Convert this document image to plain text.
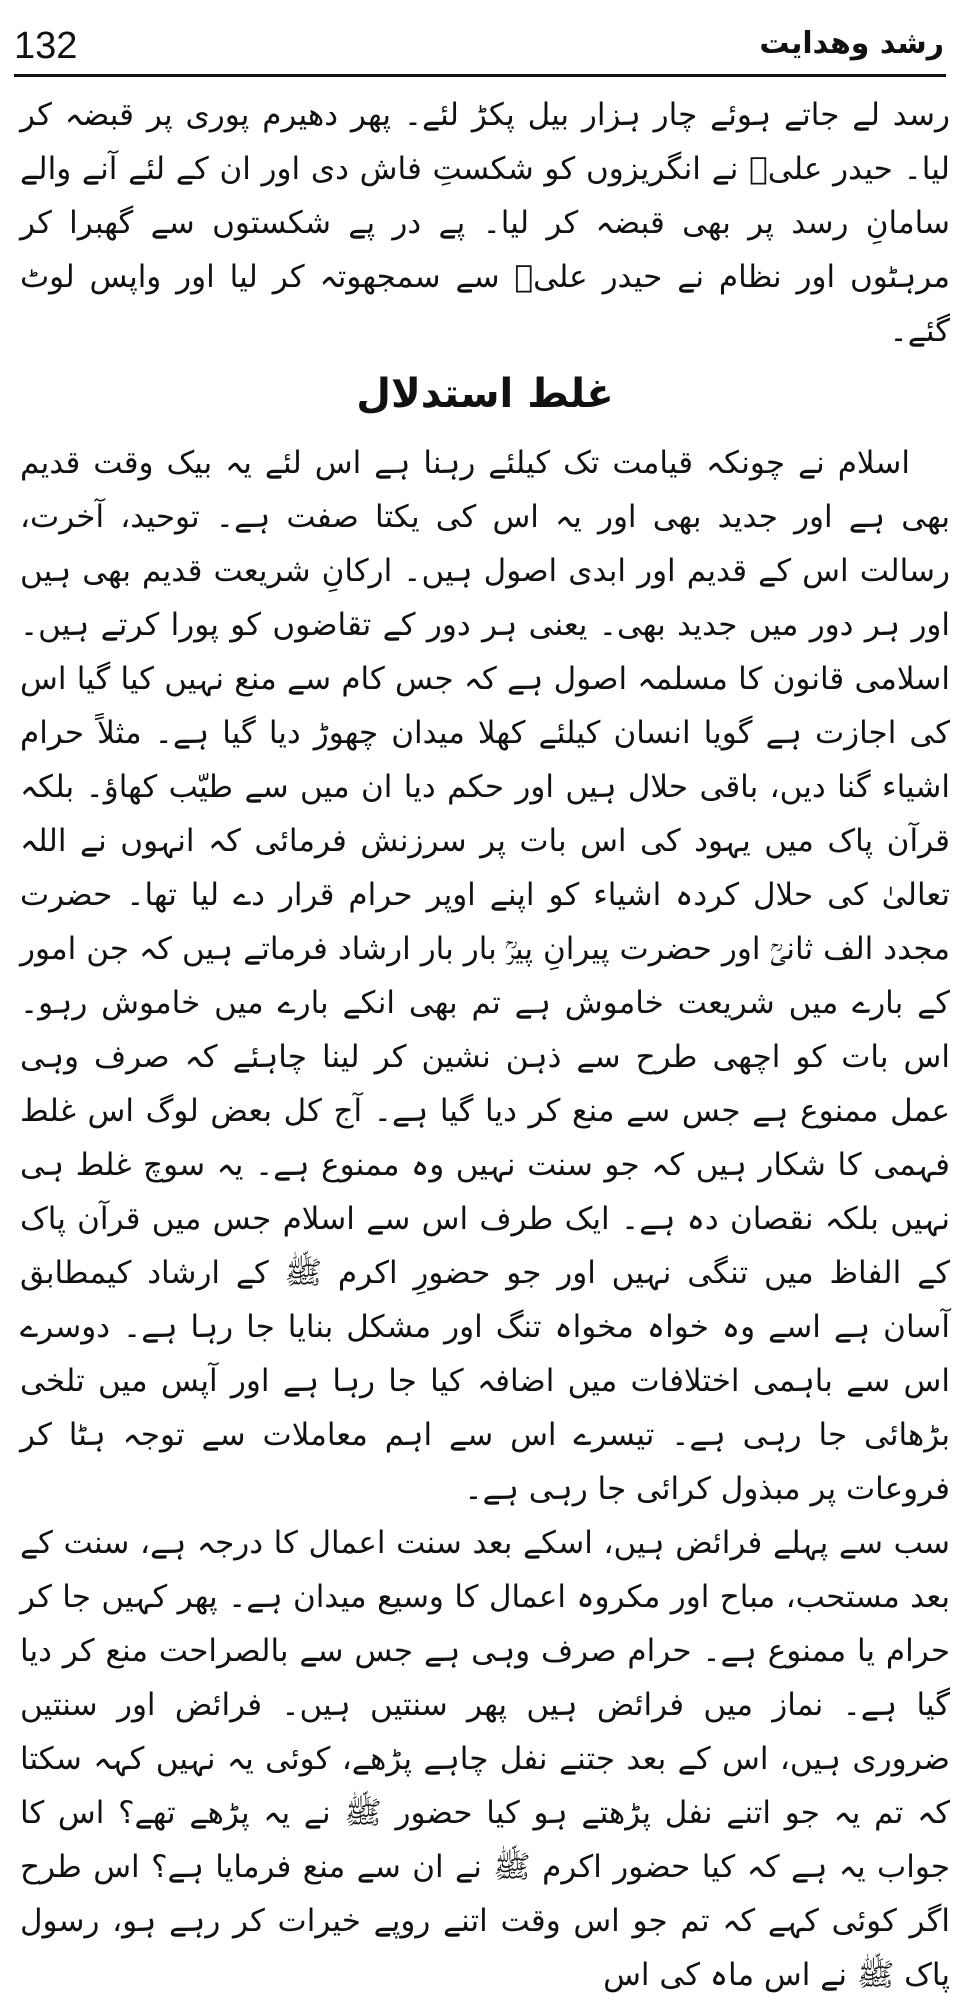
132	رشد وھدایت

رسد لے جاتے ہوئے چار ہزار بیل پکڑ لئے۔ پھر دھیرم پوری پر قبضہ کر لیا۔ حیدر علیؒ نے انگریزوں کو شکستِ فاش دی اور ان کے لئے آنے والے سامانِ رسد پر بھی قبضہ کر لیا۔ پے در پے شکستوں سے گھبرا کر مرہٹوں اور نظام نے حیدر علیؒ سے سمجھوتہ کر لیا اور واپس لوٹ گئے۔

غلط استدلال

اسلام نے چونکہ قیامت تک کیلئے رہنا ہے اس لئے یہ بیک وقت قدیم بھی ہے اور جدید بھی اور یہ اس کی یکتا صفت ہے۔ توحید، آخرت، رسالت اس کے قدیم اور ابدی اصول ہیں۔ ارکانِ شریعت قدیم بھی ہیں اور ہر دور میں جدید بھی۔ یعنی ہر دور کے تقاضوں کو پورا کرتے ہیں۔ اسلامی قانون کا مسلمہ اصول ہے کہ جس کام سے منع نہیں کیا گیا اس کی اجازت ہے گویا انسان کیلئے کھلا میدان چھوڑ دیا گیا ہے۔ مثلاً حرام اشیاء گنا دیں، باقی حلال ہیں اور حکم دیا ان میں سے طیّب کھاؤ۔ بلکہ قرآن پاک میں یہود کی اس بات پر سرزنش فرمائی کہ انہوں نے اللہ تعالیٰ کی حلال کردہ اشیاء کو اپنے اوپر حرام قرار دے لیا تھا۔ حضرت مجدد الف ثانیؒ اور حضرت پیرانِ پیرؒ بار بار ارشاد فرماتے ہیں کہ جن امور کے بارے میں شریعت خاموش ہے تم بھی انکے بارے میں خاموش رہو۔ اس بات کو اچھی طرح سے ذہن نشین کر لینا چاہئے کہ صرف وہی عمل ممنوع ہے جس سے منع کر دیا گیا ہے۔ آج کل بعض لوگ اس غلط فہمی کا شکار ہیں کہ جو سنت نہیں وہ ممنوع ہے۔ یہ سوچ غلط ہی نہیں بلکہ نقصان دہ ہے۔ ایک طرف اس سے اسلام جس میں قرآن پاک کے الفاظ میں تنگی نہیں اور جو حضورِ اکرم ﷺ کے ارشاد کیمطابق آسان ہے اسے وہ خواہ مخواہ تنگ اور مشکل بنایا جا رہا ہے۔ دوسرے اس سے باہمی اختلافات میں اضافہ کیا جا رہا ہے اور آپس میں تلخی بڑھائی جا رہی ہے۔ تیسرے اس سے اہم معاملات سے توجہ ہٹا کر فروعات پر مبذول کرائی جا رہی ہے۔

سب سے پہلے فرائض ہیں، اسکے بعد سنت اعمال کا درجہ ہے، سنت کے بعد مستحب، مباح اور مکروہ اعمال کا وسیع میدان ہے۔ پھر کہیں جا کر حرام یا ممنوع ہے۔ حرام صرف وہی ہے جس سے بالصراحت منع کر دیا گیا ہے۔ نماز میں فرائض ہیں پھر سنتیں ہیں۔ فرائض اور سنتیں ضروری ہیں، اس کے بعد جتنے نفل چاہے پڑھے، کوئی یہ نہیں کہہ سکتا کہ تم یہ جو اتنے نفل پڑھتے ہو کیا حضور ﷺ نے یہ پڑھے تھے؟ اس کا جواب یہ ہے کہ کیا حضور اکرم ﷺ نے ان سے منع فرمایا ہے؟ اس طرح اگر کوئی کہے کہ تم جو اس وقت اتنے روپے خیرات کر رہے ہو، رسول پاک ﷺ نے اس ماہ کی اس
